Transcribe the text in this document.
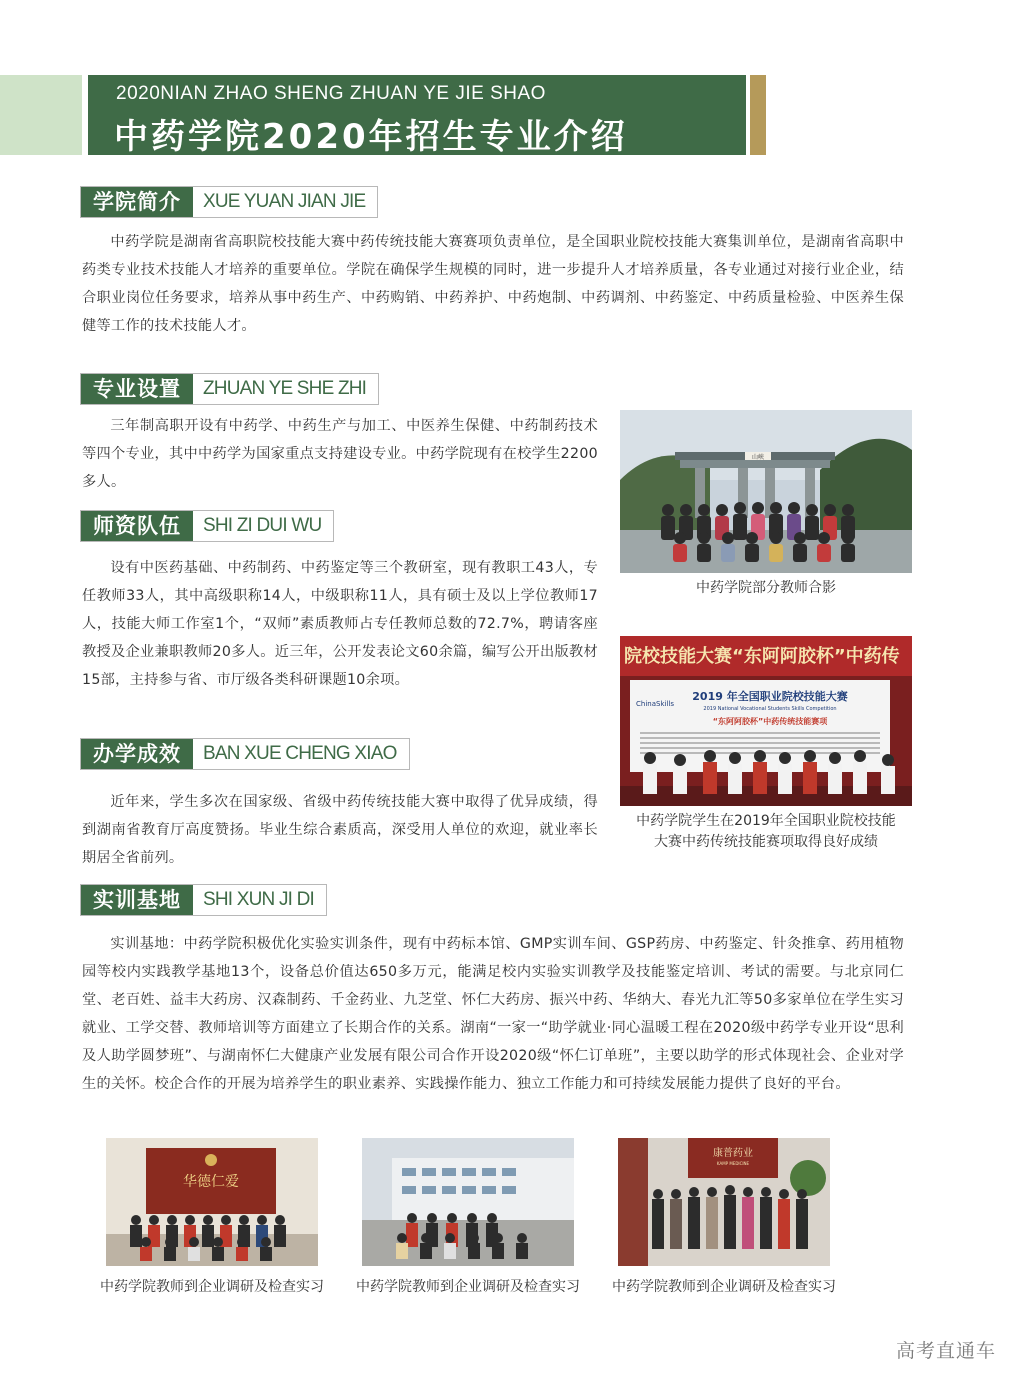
2020NIAN ZHAO SHENG ZHUAN YE JIE SHAO
中药学院2020年招生专业介绍
学院简介	XUE YUAN JIAN JIE
中药学院是湖南省高职院校技能大赛中药传统技能大赛赛项负责单位，是全国职业院校技能大赛集训单位，是湖南省高职中药类专业技术技能人才培养的重要单位。学院在确保学生规模的同时，进一步提升人才培养质量，各专业通过对接行业企业，结合职业岗位任务要求，培养从事中药生产、中药购销、中药养护、中药炮制、中药调剂、中药鉴定、中药质量检验、中医养生保健等工作的技术技能人才。
专业设置	ZHUAN YE SHE ZHI
三年制高职开设有中药学、中药生产与加工、中医养生保健、中药制药技术等四个专业，其中中药学为国家重点支持建设专业。中药学院现有在校学生2200多人。
师资队伍	SHI ZI DUI WU
设有中医药基础、中药制药、中药鉴定等三个教研室，现有教职工43人，专任教师33人，其中高级职称14人，中级职称11人，具有硕士及以上学位教师17人，技能大师工作室1个，“双师”素质教师占专任教师总数的72.7%，聘请客座教授及企业兼职教师20多人。近三年，公开发表论文60余篇，编写公开出版教材15部，主持参与省、市厅级各类科研课题10余项。
办学成效	BAN XUE CHENG XIAO
近年来，学生多次在国家级、省级中药传统技能大赛中取得了优异成绩，得到湖南省教育厅高度赞扬。毕业生综合素质高，深受用人单位的欢迎，就业率长期居全省前列。
实训基地	SHI XUN JI DI
实训基地：中药学院积极优化实验实训条件，现有中药标本馆、GMP实训车间、GSP药房、中药鉴定、针灸推拿、药用植物园等校内实践教学基地13个，设备总价值达650多万元，能满足校内实验实训教学及技能鉴定培训、考试的需要。与北京同仁堂、老百姓、益丰大药房、汉森制药、千金药业、九芝堂、怀仁大药房、振兴中药、华纳大、春光九汇等50多家单位在学生实习就业、工学交替、教师培训等方面建立了长期合作的关系。湖南“一家一“助学就业·同心温暖工程在2020级中药学专业开设“思利及人助学圆梦班”、与湖南怀仁大健康产业发展有限公司合作开设2020级“怀仁订单班”，主要以助学的形式体现社会、企业对学生的关怀。校企合作的开展为培养学生的职业素养、实践操作能力、独立工作能力和可持续发展能力提供了良好的平台。
山峡
中药学院部分教师合影
院校技能大赛“东阿阿胶杯”中药传
ChinaSkills
2019 年全国职业院校技能大赛
2019 National Vocational Students Skills Competition
“东阿阿胶杯”中药传统技能赛项
中药学院学生在2019年全国职业院校技能
大赛中药传统技能赛项取得良好成绩
华德仁爱
中药学院教师到企业调研及检查实习	中药学院教师到企业调研及检查实习
康普药业
KAMP MEDICINE
中药学院教师到企业调研及检查实习
高考直通车
